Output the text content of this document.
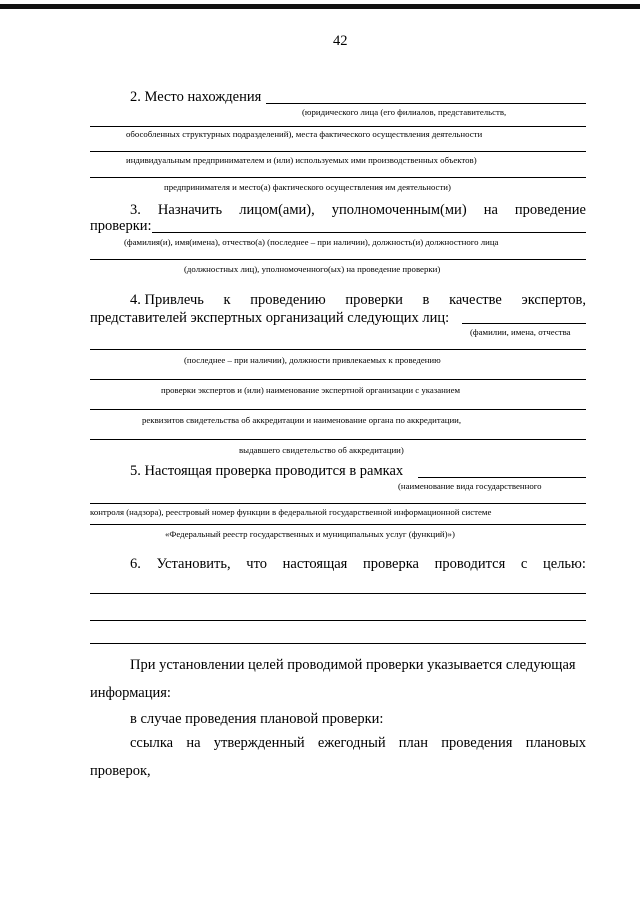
42
2. Место нахождения
(юридического лица (его филиалов, представительств,
обособленных структурных подразделений), места фактического осуществления деятельности
индивидуальным предпринимателем и (или) используемых ими производственных объектов)
предпринимателя и место(а) фактического осуществления им деятельности)
3. Назначить лицом(ами), уполномоченным(ми) на проведение
проверки:
(фамилия(и), имя(имена), отчество(а) (последнее – при наличии), должность(и) должностного лица
(должностных лиц), уполномоченного(ых) на проведение проверки)
4. Привлечь к проведению проверки в качестве экспертов,
представителей экспертных организаций следующих лиц:
(фамилии, имена, отчества
(последнее – при наличии), должности привлекаемых к проведению
проверки экспертов и (или) наименование экспертной организации с указанием
реквизитов свидетельства об аккредитации и наименование органа по аккредитации,
выдавшего свидетельство об аккредитации)
5. Настоящая проверка проводится в рамках
(наименование вида государственного
контроля (надзора), реестровый номер функции в федеральной государственной информационной системе
«Федеральный реестр государственных и муниципальных услуг (функций)»)
6. Установить, что настоящая проверка проводится с целью:
При установлении целей проводимой проверки указывается следующая
информация:
в случае проведения плановой проверки:
ссылка на утвержденный ежегодный план проведения плановых
проверок,
